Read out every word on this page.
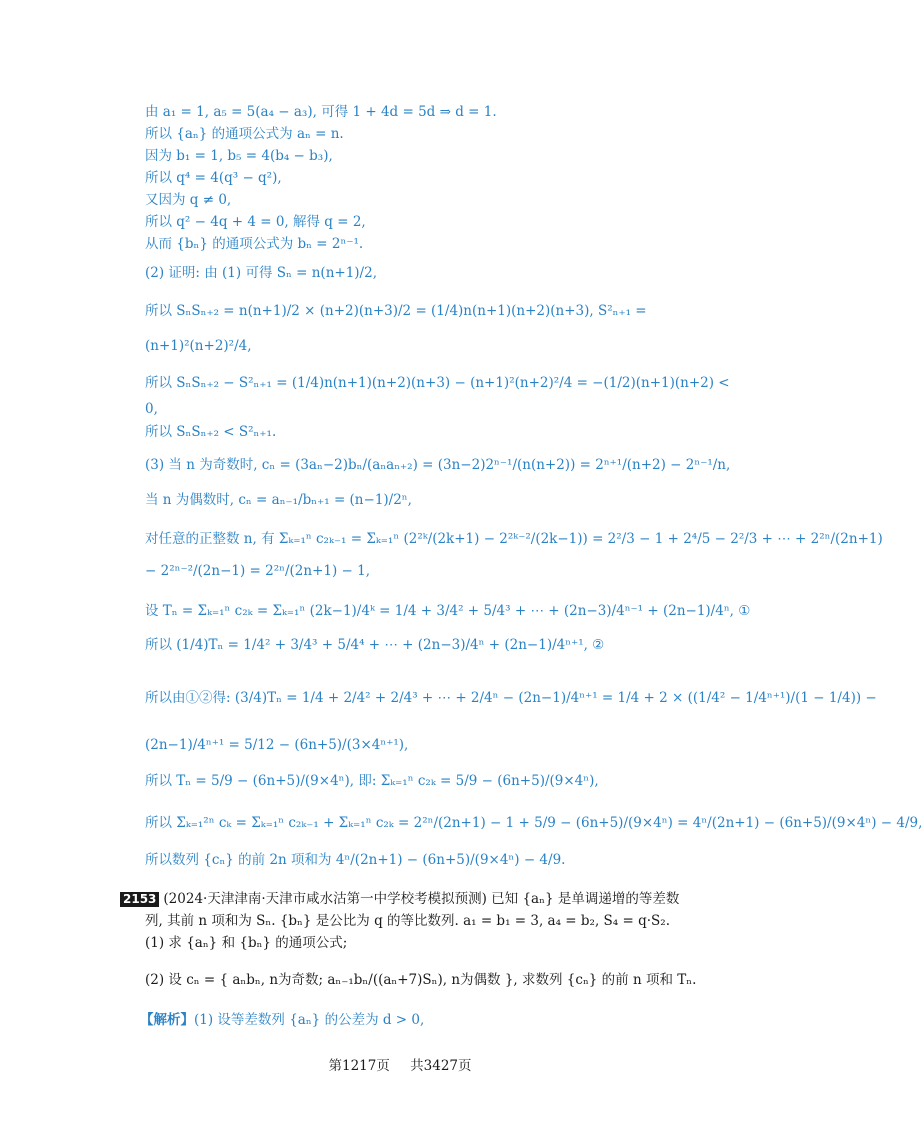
由 a₁ = 1, a₅ = 5(a₄ − a₃), 可得 1 + 4d = 5d ⇒ d = 1.
所以 {aₙ} 的通项公式为 aₙ = n.
因为 b₁ = 1, b₅ = 4(b₄ − b₃),
所以 q⁴ = 4(q³ − q²),
又因为 q ≠ 0,
所以 q² − 4q + 4 = 0, 解得 q = 2,
从而 {bₙ} 的通项公式为 bₙ = 2ⁿ⁻¹.
(2) 证明: 由 (1) 可得 Sₙ = n(n+1)/2,
所以 SₙSₙ₊₂ = n(n+1)/2 × (n+2)(n+3)/2 = (1/4)n(n+1)(n+2)(n+3), S²ₙ₊₁ =
(n+1)²(n+2)²/4,
所以 SₙSₙ₊₂ − S²ₙ₊₁ = (1/4)n(n+1)(n+2)(n+3) − (n+1)²(n+2)²/4 = −(1/2)(n+1)(n+2) <
0,
所以 SₙSₙ₊₂ < S²ₙ₊₁.
(3) 当 n 为奇数时, cₙ = (3aₙ−2)bₙ/(aₙaₙ₊₂) = (3n−2)2ⁿ⁻¹/(n(n+2)) = 2ⁿ⁺¹/(n+2) − 2ⁿ⁻¹/n,
当 n 为偶数时, cₙ = aₙ₋₁/bₙ₊₁ = (n−1)/2ⁿ,
对任意的正整数 n, 有 Σₖ₌₁ⁿ c₂ₖ₋₁ = Σₖ₌₁ⁿ (2²ᵏ/(2k+1) − 2²ᵏ⁻²/(2k−1)) = 2²/3 − 1 + 2⁴/5 − 2²/3 + ⋯ + 2²ⁿ/(2n+1)
− 2²ⁿ⁻²/(2n−1) = 2²ⁿ/(2n+1) − 1,
设 Tₙ = Σₖ₌₁ⁿ c₂ₖ = Σₖ₌₁ⁿ (2k−1)/4ᵏ = 1/4 + 3/4² + 5/4³ + ⋯ + (2n−3)/4ⁿ⁻¹ + (2n−1)/4ⁿ, ①
所以 (1/4)Tₙ = 1/4² + 3/4³ + 5/4⁴ + ⋯ + (2n−3)/4ⁿ + (2n−1)/4ⁿ⁺¹, ②
所以由①②得: (3/4)Tₙ = 1/4 + 2/4² + 2/4³ + ⋯ + 2/4ⁿ − (2n−1)/4ⁿ⁺¹ = 1/4 + 2 × ((1/4² − 1/4ⁿ⁺¹)/(1 − 1/4)) −
(2n−1)/4ⁿ⁺¹ = 5/12 − (6n+5)/(3×4ⁿ⁺¹),
所以 Tₙ = 5/9 − (6n+5)/(9×4ⁿ), 即: Σₖ₌₁ⁿ c₂ₖ = 5/9 − (6n+5)/(9×4ⁿ),
所以 Σₖ₌₁²ⁿ cₖ = Σₖ₌₁ⁿ c₂ₖ₋₁ + Σₖ₌₁ⁿ c₂ₖ = 2²ⁿ/(2n+1) − 1 + 5/9 − (6n+5)/(9×4ⁿ) = 4ⁿ/(2n+1) − (6n+5)/(9×4ⁿ) − 4/9,
所以数列 {cₙ} 的前 2n 项和为 4ⁿ/(2n+1) − (6n+5)/(9×4ⁿ) − 4/9.
2153 (2024·天津津南·天津市咸水沽第一中学校考模拟预测) 已知 {aₙ} 是单调递增的等差数
列, 其前 n 项和为 Sₙ. {bₙ} 是公比为 q 的等比数列. a₁ = b₁ = 3, a₄ = b₂, S₄ = q·S₂.
(1) 求 {aₙ} 和 {bₙ} 的通项公式;
(2) 设 cₙ = { aₙbₙ, n为奇数; aₙ₋₁bₙ/((aₙ+7)Sₙ), n为偶数 }, 求数列 {cₙ} 的前 n 项和 Tₙ.
【解析】(1) 设等差数列 {aₙ} 的公差为 d > 0,
第1217页 共3427页
